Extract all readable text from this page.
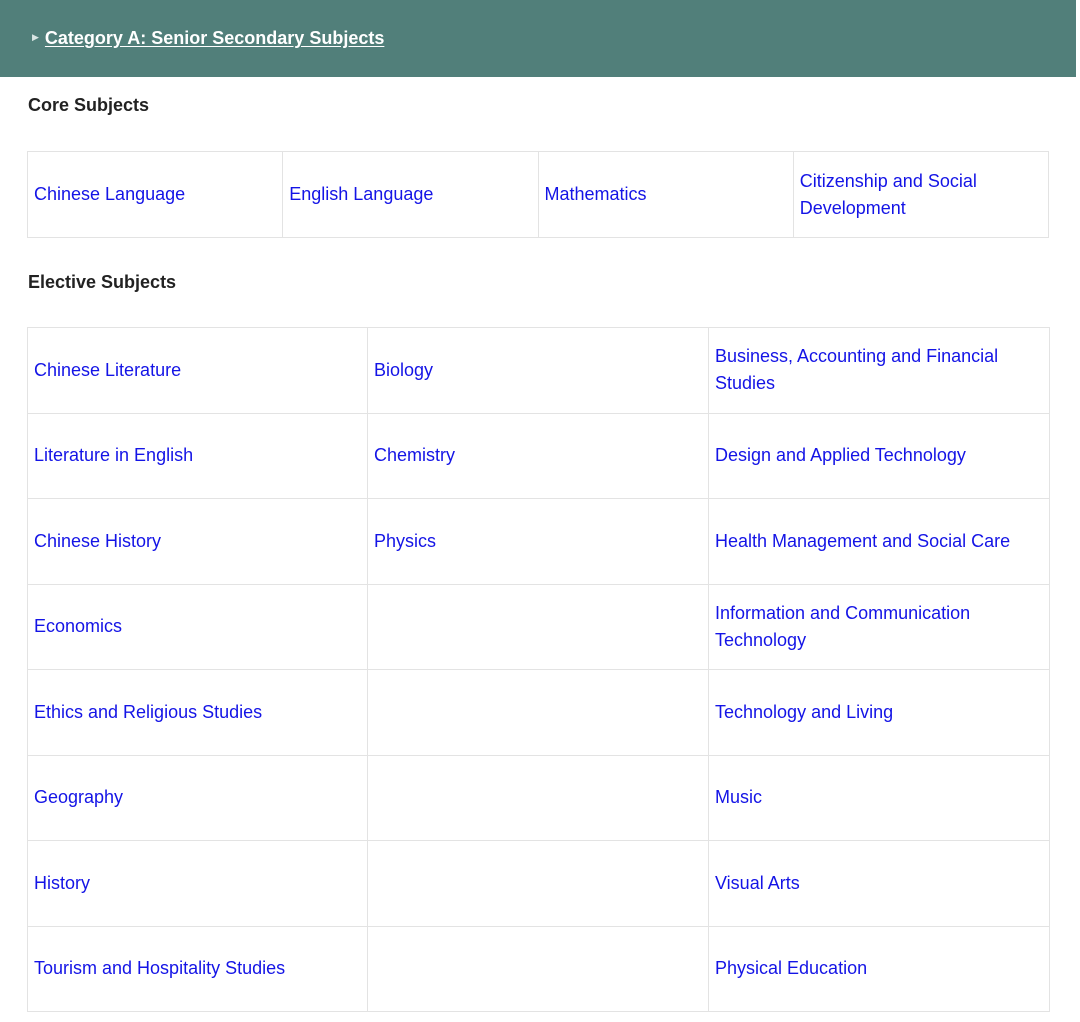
▶ Category A: Senior Secondary Subjects
Core Subjects
Chinese Language	English Language	Mathematics	Citizenship and Social Development
Elective Subjects
Chinese Literature	Biology	Business, Accounting and Financial Studies
Literature in English	Chemistry	Design and Applied Technology
Chinese History	Physics	Health Management and Social Care
Economics		Information and Communication Technology
Ethics and Religious Studies		Technology and Living
Geography		Music
History		Visual Arts
Tourism and Hospitality Studies		Physical Education
